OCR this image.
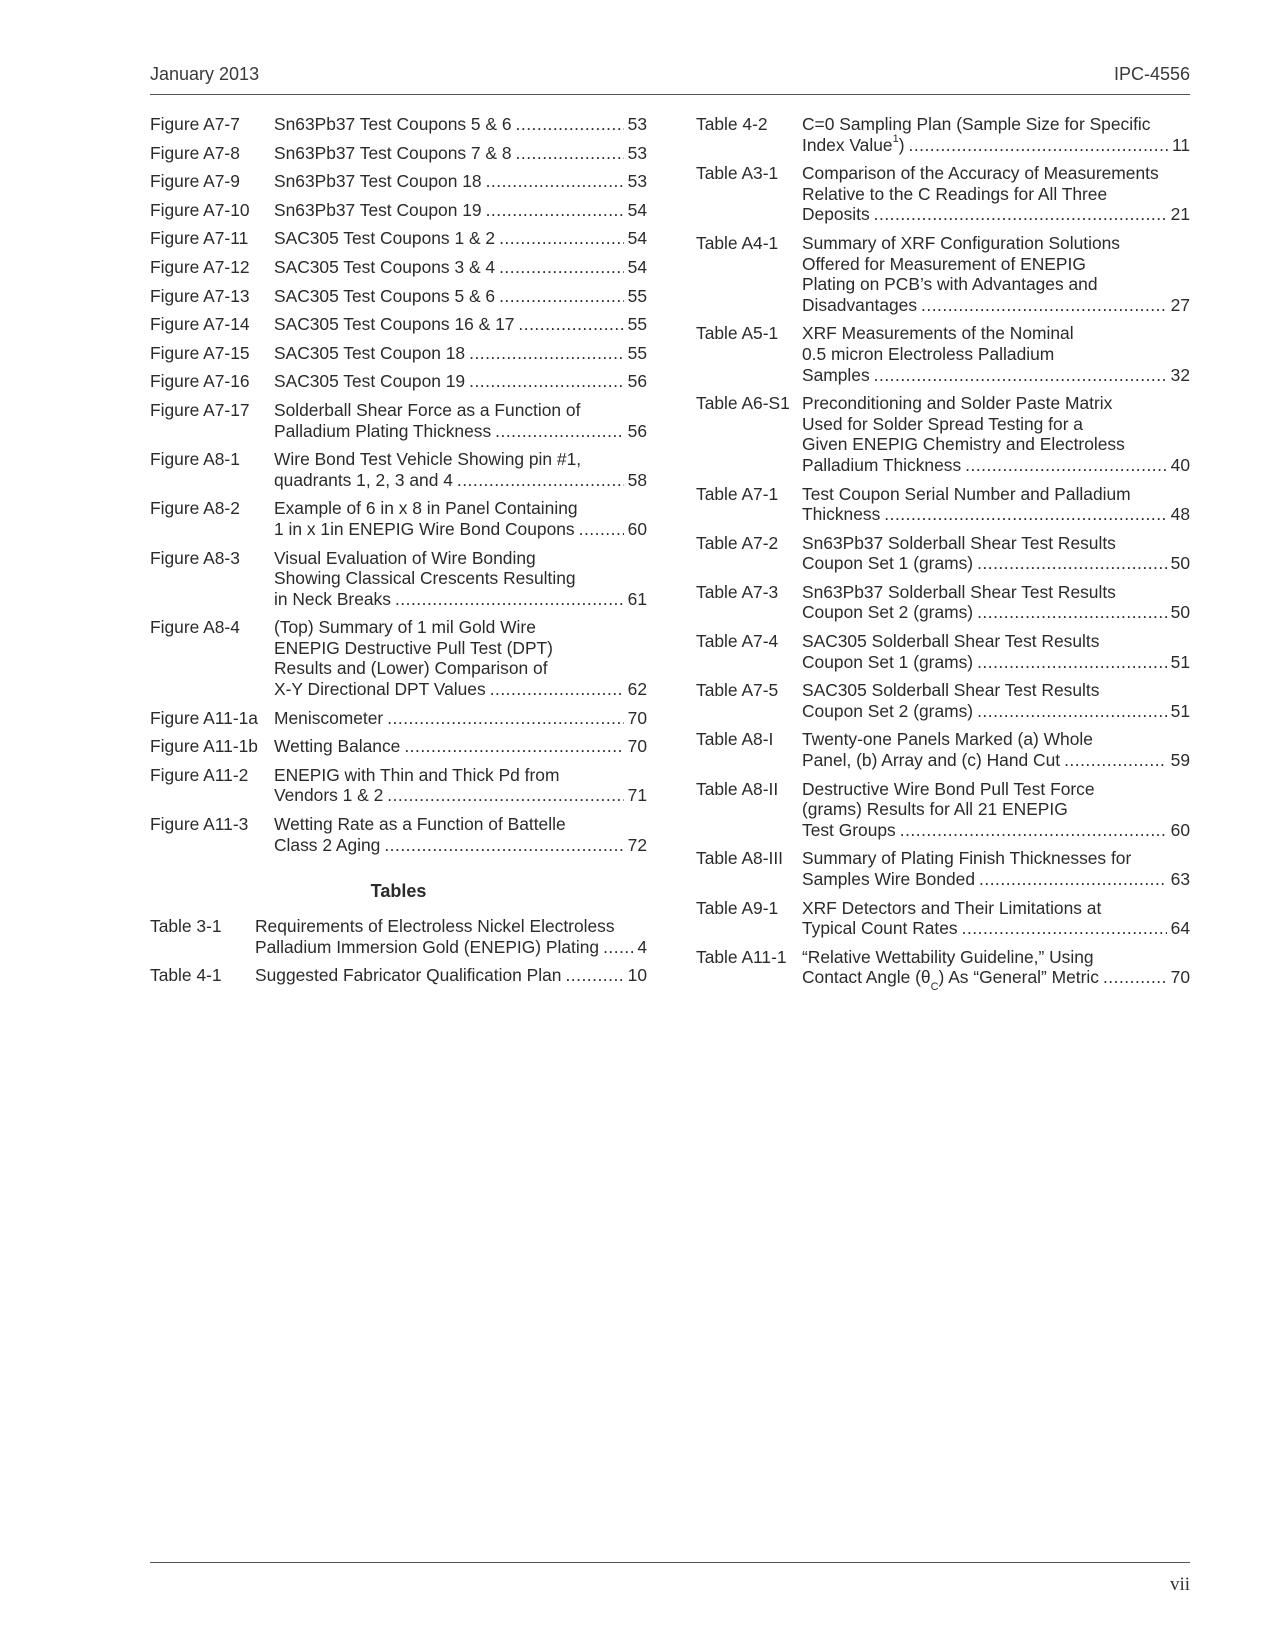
January 2013	IPC-4556
Figure A7-7 Sn63Pb37 Test Coupons 5 & 6 .....	53
Figure A7-8 Sn63Pb37 Test Coupons 7 & 8 .....	53
Figure A7-9 Sn63Pb37 Test Coupon 18 .....	53
Figure A7-10 Sn63Pb37 Test Coupon 19 .....	54
Figure A7-11 SAC305 Test Coupons 1 & 2 .....	54
Figure A7-12 SAC305 Test Coupons 3 & 4 .....	54
Figure A7-13 SAC305 Test Coupons 5 & 6 .....	55
Figure A7-14 SAC305 Test Coupons 16 & 17 .....	55
Figure A7-15 SAC305 Test Coupon 18 .....	55
Figure A7-16 SAC305 Test Coupon 19 .....	56
Figure A7-17 Solderball Shear Force as a Function of
Palladium Plating Thickness .....	56
Figure A8-1 Wire Bond Test Vehicle Showing pin #1,
quadrants 1, 2, 3 and 4 .....	58
Figure A8-2 Example of 6 in x 8 in Panel Containing
1 in x 1in ENEPIG Wire Bond Coupons .....	60
Figure A8-3 Visual Evaluation of Wire Bonding
Showing Classical Crescents Resulting
in Neck Breaks .....	61
Figure A8-4 (Top) Summary of 1 mil Gold Wire
ENEPIG Destructive Pull Test (DPT)
Results and (Lower) Comparison of
X-Y Directional DPT Values .....	62
Figure A11-1a Meniscometer .....	70
Figure A11-1b Wetting Balance .....	70
Figure A11-2 ENEPIG with Thin and Thick Pd from
Vendors 1 & 2 .....	71
Figure A11-3 Wetting Rate as a Function of Battelle
Class 2 Aging .....	72
Tables
Table 3-1 Requirements of Electroless Nickel Electroless
Palladium Immersion Gold (ENEPIG) Plating ..... 4
Table 4-1 Suggested Fabricator Qualification Plan .....	10
Table 4-2 C=0 Sampling Plan (Sample Size for Specific
Index Value$^1$) .....	11
Table A3-1 Comparison of the Accuracy of Measurements
Relative to the C Readings for All Three
Deposits .....	21
Table A4-1 Summary of XRF Configuration Solutions
Offered for Measurement of ENEPIG
Plating on PCB’s with Advantages and
Disadvantages .....	27
Table A5-1 XRF Measurements of the Nominal
0.5 micron Electroless Palladium
Samples .....	32
Table A6-S1 Preconditioning and Solder Paste Matrix
Used for Solder Spread Testing for a
Given ENEPIG Chemistry and Electroless
Palladium Thickness .....	40
Table A7-1 Test Coupon Serial Number and Palladium
Thickness .....	48
Table A7-2 Sn63Pb37 Solderball Shear Test Results
Coupon Set 1 (grams) .....	50
Table A7-3 Sn63Pb37 Solderball Shear Test Results
Coupon Set 2 (grams) .....	50
Table A7-4 SAC305 Solderball Shear Test Results
Coupon Set 1 (grams) .....	51
Table A7-5 SAC305 Solderball Shear Test Results
Coupon Set 2 (grams) .....	51
Table A8-I Twenty-one Panels Marked (a) Whole
Panel, (b) Array and (c) Hand Cut .....	59
Table A8-II Destructive Wire Bond Pull Test Force
(grams) Results for All 21 ENEPIG
Test Groups .....	60
Table A8-III Summary of Plating Finish Thicknesses for
Samples Wire Bonded .....	63
Table A9-1 XRF Detectors and Their Limitations at
Typical Count Rates .....	64
Table A11-1 “Relative Wettability Guideline,” Using
Contact Angle $(\theta_C)$ As “General” Metric .....	70
vii
